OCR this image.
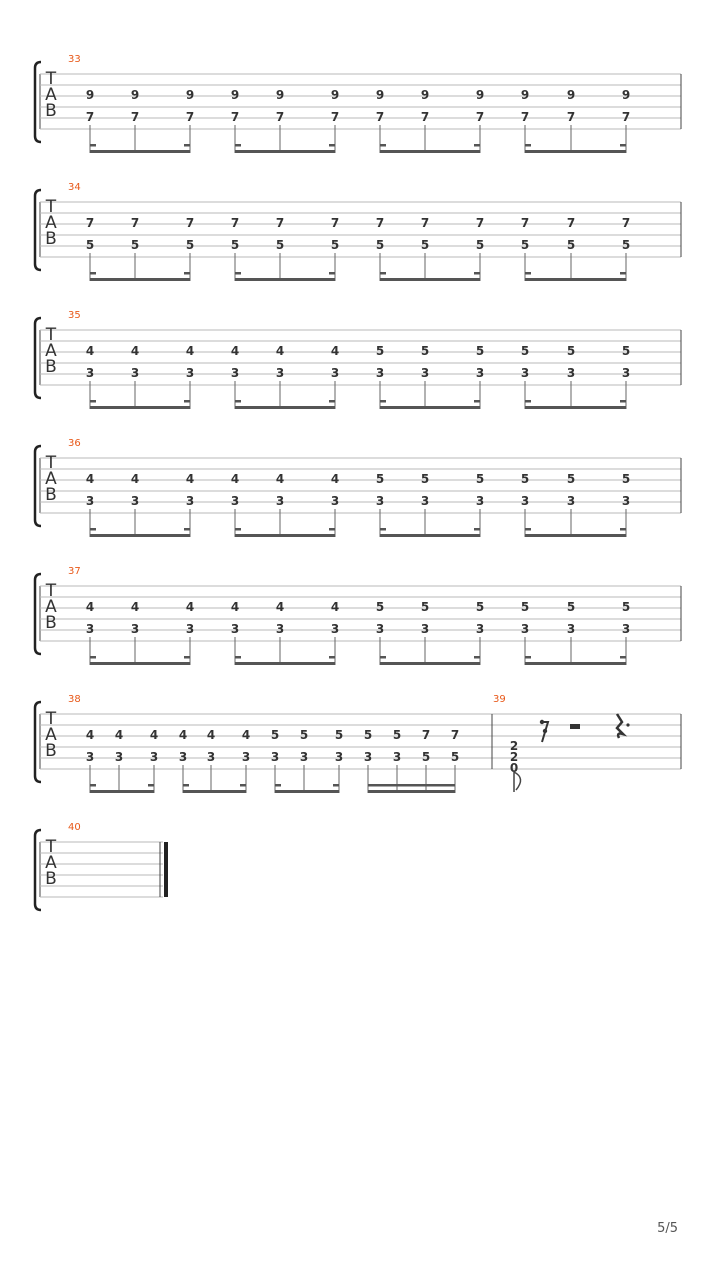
T
A
B
33
9
7
9
7
9
7
9
7
9
7
9
7
9
7
9
7
9
7
9
7
9
7
9
7
T
A
B
34
7
5
7
5
7
5
7
5
7
5
7
5
7
5
7
5
7
5
7
5
7
5
7
5
T
A
B
35
4
3
4
3
4
3
4
3
4
3
4
3
5
3
5
3
5
3
5
3
5
3
5
3
T
A
B
36
4
3
4
3
4
3
4
3
4
3
4
3
5
3
5
3
5
3
5
3
5
3
5
3
T
A
B
37
4
3
4
3
4
3
4
3
4
3
4
3
5
3
5
3
5
3
5
3
5
3
5
3
T
A
B
38
4
3
4
3
4
3
4
3
4
3
4
3
5
3
5
3
5
3
5
3
5
3
7
5
7
5
39
2
2
0
T
A
B
40
5/5
